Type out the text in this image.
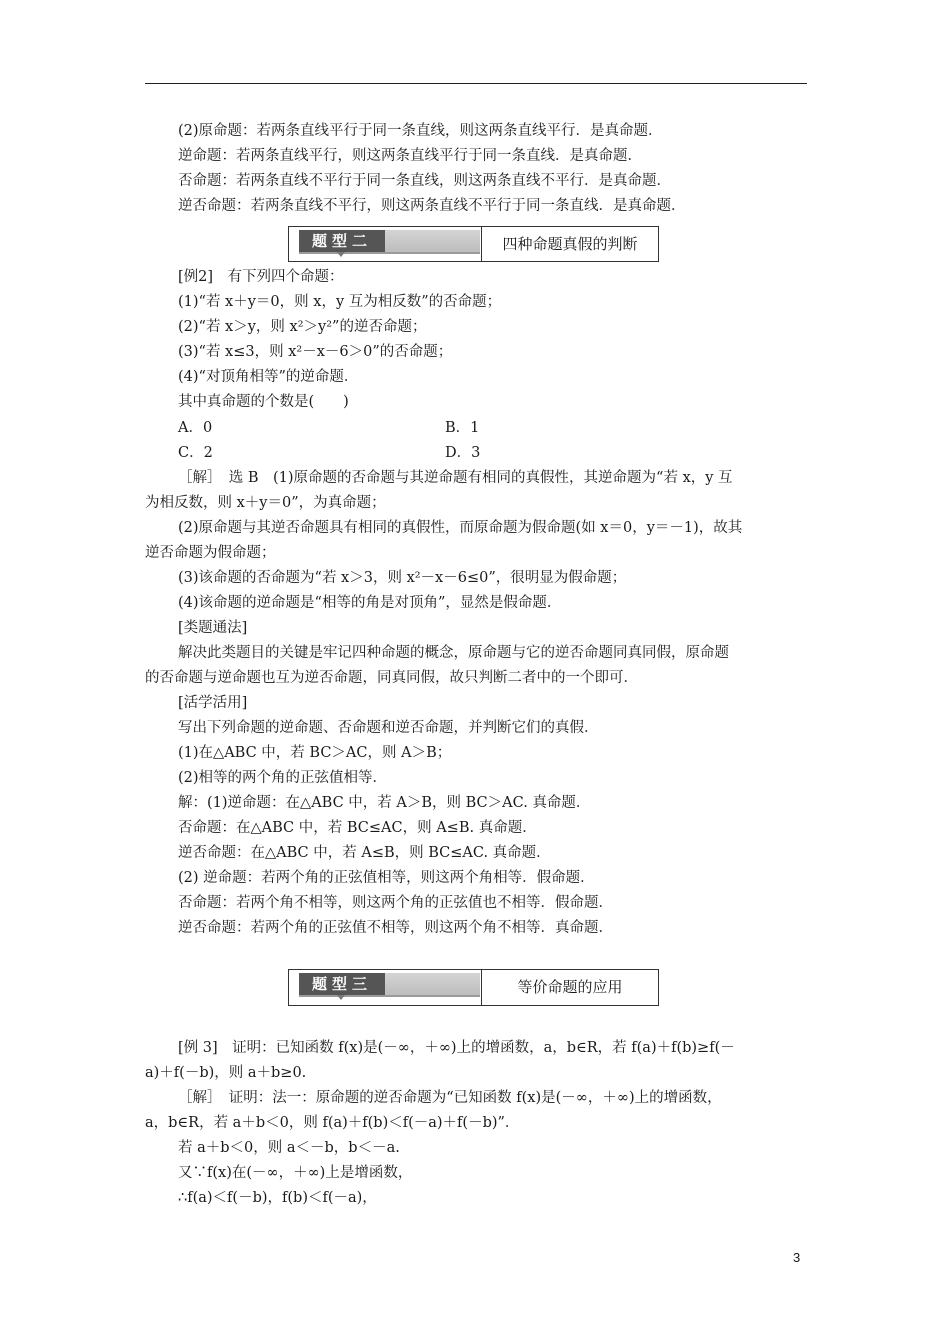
(2)原命题：若两条直线平行于同一条直线，则这两条直线平行．是真命题．
逆命题：若两条直线平行，则这两条直线平行于同一条直线．是真命题．
否命题：若两条直线不平行于同一条直线，则这两条直线不平行．是真命题．
逆否命题：若两条直线不平行，则这两条直线不平行于同一条直线．是真命题．
题型二	四种命题真假的判断
[例2]　有下列四个命题：
(1)“若 x＋y＝0，则 x，y 互为相反数”的否命题；
(2)“若 x＞y，则 x²＞y²”的逆否命题；
(3)“若 x≤3，则 x²－x－6＞0”的否命题；
(4)“对顶角相等”的逆命题．
其中真命题的个数是(　　)
A．0	B．1
C．2	D．3
［解］　选 B　(1)原命题的否命题与其逆命题有相同的真假性，其逆命题为“若 x，y 互
为相反数，则 x＋y＝0”，为真命题；
(2)原命题与其逆否命题具有相同的真假性，而原命题为假命题(如 x＝0，y＝－1)，故其
逆否命题为假命题；
(3)该命题的否命题为“若 x＞3，则 x²－x－6≤0”，很明显为假命题；
(4)该命题的逆命题是“相等的角是对顶角”，显然是假命题．
[类题通法]
解决此类题目的关键是牢记四种命题的概念，原命题与它的逆否命题同真同假，原命题
的否命题与逆命题也互为逆否命题，同真同假，故只判断二者中的一个即可．
[活学活用]
写出下列命题的逆命题、否命题和逆否命题，并判断它们的真假．
(1)在△ABC 中，若 BC＞AC，则 A＞B；
(2)相等的两个角的正弦值相等．
解：(1)逆命题：在△ABC 中，若 A＞B，则 BC＞AC. 真命题．
否命题：在△ABC 中，若 BC≤AC，则 A≤B. 真命题．
逆否命题：在△ABC 中，若 A≤B，则 BC≤AC. 真命题．
(2) 逆命题：若两个角的正弦值相等，则这两个角相等．假命题．
否命题：若两个角不相等，则这两个角的正弦值也不相等．假命题．
逆否命题：若两个角的正弦值不相等，则这两个角不相等．真命题．
题型三	等价命题的应用
[例 3]　证明：已知函数 f(x)是(－∞，＋∞)上的增函数，a，b∈R，若 f(a)＋f(b)≥f(－
a)＋f(－b)，则 a＋b≥0.
［解］　证明：法一：原命题的逆否命题为“已知函数 f(x)是(－∞，＋∞)上的增函数，
a，b∈R，若 a＋b＜0，则 f(a)＋f(b)＜f(－a)＋f(－b)”．
若 a＋b＜0，则 a＜－b，b＜－a.
又∵f(x)在(－∞，＋∞)上是增函数，
∴f(a)＜f(－b)，f(b)＜f(－a)，
3
